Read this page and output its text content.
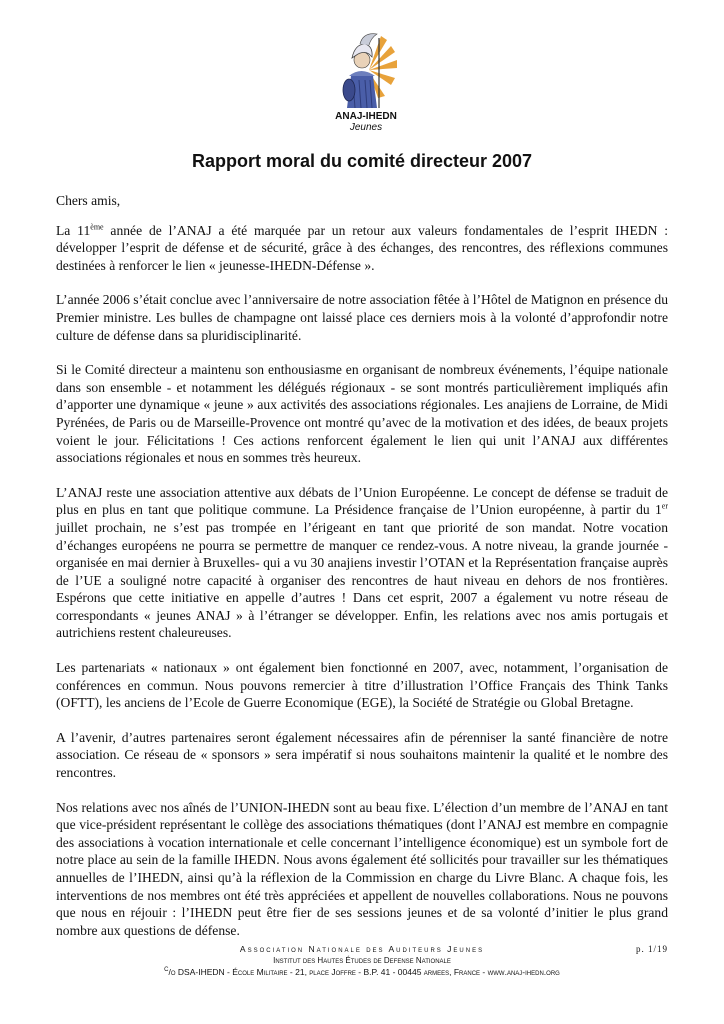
ANAJ-IHEDN
Jeunes
Rapport moral du comité directeur 2007

Chers amis,

La 11ème année de l’ANAJ a été marquée par un retour aux valeurs fondamentales de l’esprit IHEDN : développer l’esprit de défense et de sécurité, grâce à des échanges, des rencontres, des réflexions communes destinées à renforcer le lien « jeunesse-IHEDN-Défense ».

L’année 2006 s’était conclue avec l’anniversaire de notre association fêtée à l’Hôtel de Matignon en présence du Premier ministre. Les bulles de champagne ont laissé place ces derniers mois à la volonté d’approfondir notre culture de défense dans sa pluridisciplinarité.

Si le Comité directeur a maintenu son enthousiasme en organisant de nombreux événements, l’équipe nationale dans son ensemble - et notamment les délégués régionaux - se sont montrés particulièrement impliqués afin d’apporter une dynamique « jeune » aux activités des associations régionales. Les anajiens de Lorraine, de Midi Pyrénées, de Paris ou de Marseille-Provence ont montré qu’avec de la motivation et des idées, de beaux projets voient le jour. Félicitations ! Ces actions renforcent également le lien qui unit l’ANAJ aux différentes associations régionales et nous en sommes très heureux.

L’ANAJ reste une association attentive aux débats de l’Union Européenne. Le concept de défense se traduit de plus en plus en tant que politique commune. La Présidence française de l’Union européenne, à partir du 1er juillet prochain, ne s’est pas trompée en l’érigeant en tant que priorité de son mandat. Notre vocation d’échanges européens ne pourra se permettre de manquer ce rendez-vous. A notre niveau, la grande journée -organisée en mai dernier à Bruxelles- qui a vu 30 anajiens investir l’OTAN et la Représentation française auprès de l’UE a souligné notre capacité à organiser des rencontres de haut niveau en dehors de nos frontières. Espérons que cette initiative en appelle d’autres ! Dans cet esprit, 2007 a également vu notre réseau de correspondants « jeunes ANAJ » à l’étranger se développer. Enfin, les relations avec nos amis portugais et autrichiens restent chaleureuses.

Les partenariats « nationaux » ont également bien fonctionné en 2007, avec, notamment, l’organisation de conférences en commun. Nous pouvons remercier à titre d’illustration l’Office Français des Think Tanks (OFTT), les anciens de l’Ecole de Guerre Economique (EGE), la Société de Stratégie ou Global Bretagne.

A l’avenir, d’autres partenaires seront également nécessaires afin de pérenniser la santé financière de notre association. Ce réseau de « sponsors » sera impératif si nous souhaitons maintenir la qualité et le nombre des rencontres.

Nos relations avec nos aînés de l’UNION-IHEDN sont au beau fixe. L’élection d’un membre de l’ANAJ en tant que vice-président représentant le collège des associations thématiques (dont l’ANAJ est membre en compagnie des associations à vocation internationale et celle concernant l’intelligence économique) est un symbole fort de notre place au sein de la famille IHEDN. Nous avons également été sollicités pour travailler sur les thématiques annuelles de l’IHEDN, ainsi qu’à la réflexion de la Commission en charge du Livre Blanc. A chaque fois, les interventions de nos membres ont été très appréciées et appellent de nouvelles collaborations. Nous ne pouvons que nous en réjouir : l’IHEDN peut être fier de ses sessions jeunes et de sa volonté d’initier le plus grand nombre aux questions de défense.

Association Nationale des Auditeurs Jeunes	p. 1/19
Institut des Hautes Études de Defense Nationale
$^c$/o DSA-IHEDN - École Militaire - 21, place Joffre - B.P. 41 - 00445 armees, France - www.anaj-ihedn.org
